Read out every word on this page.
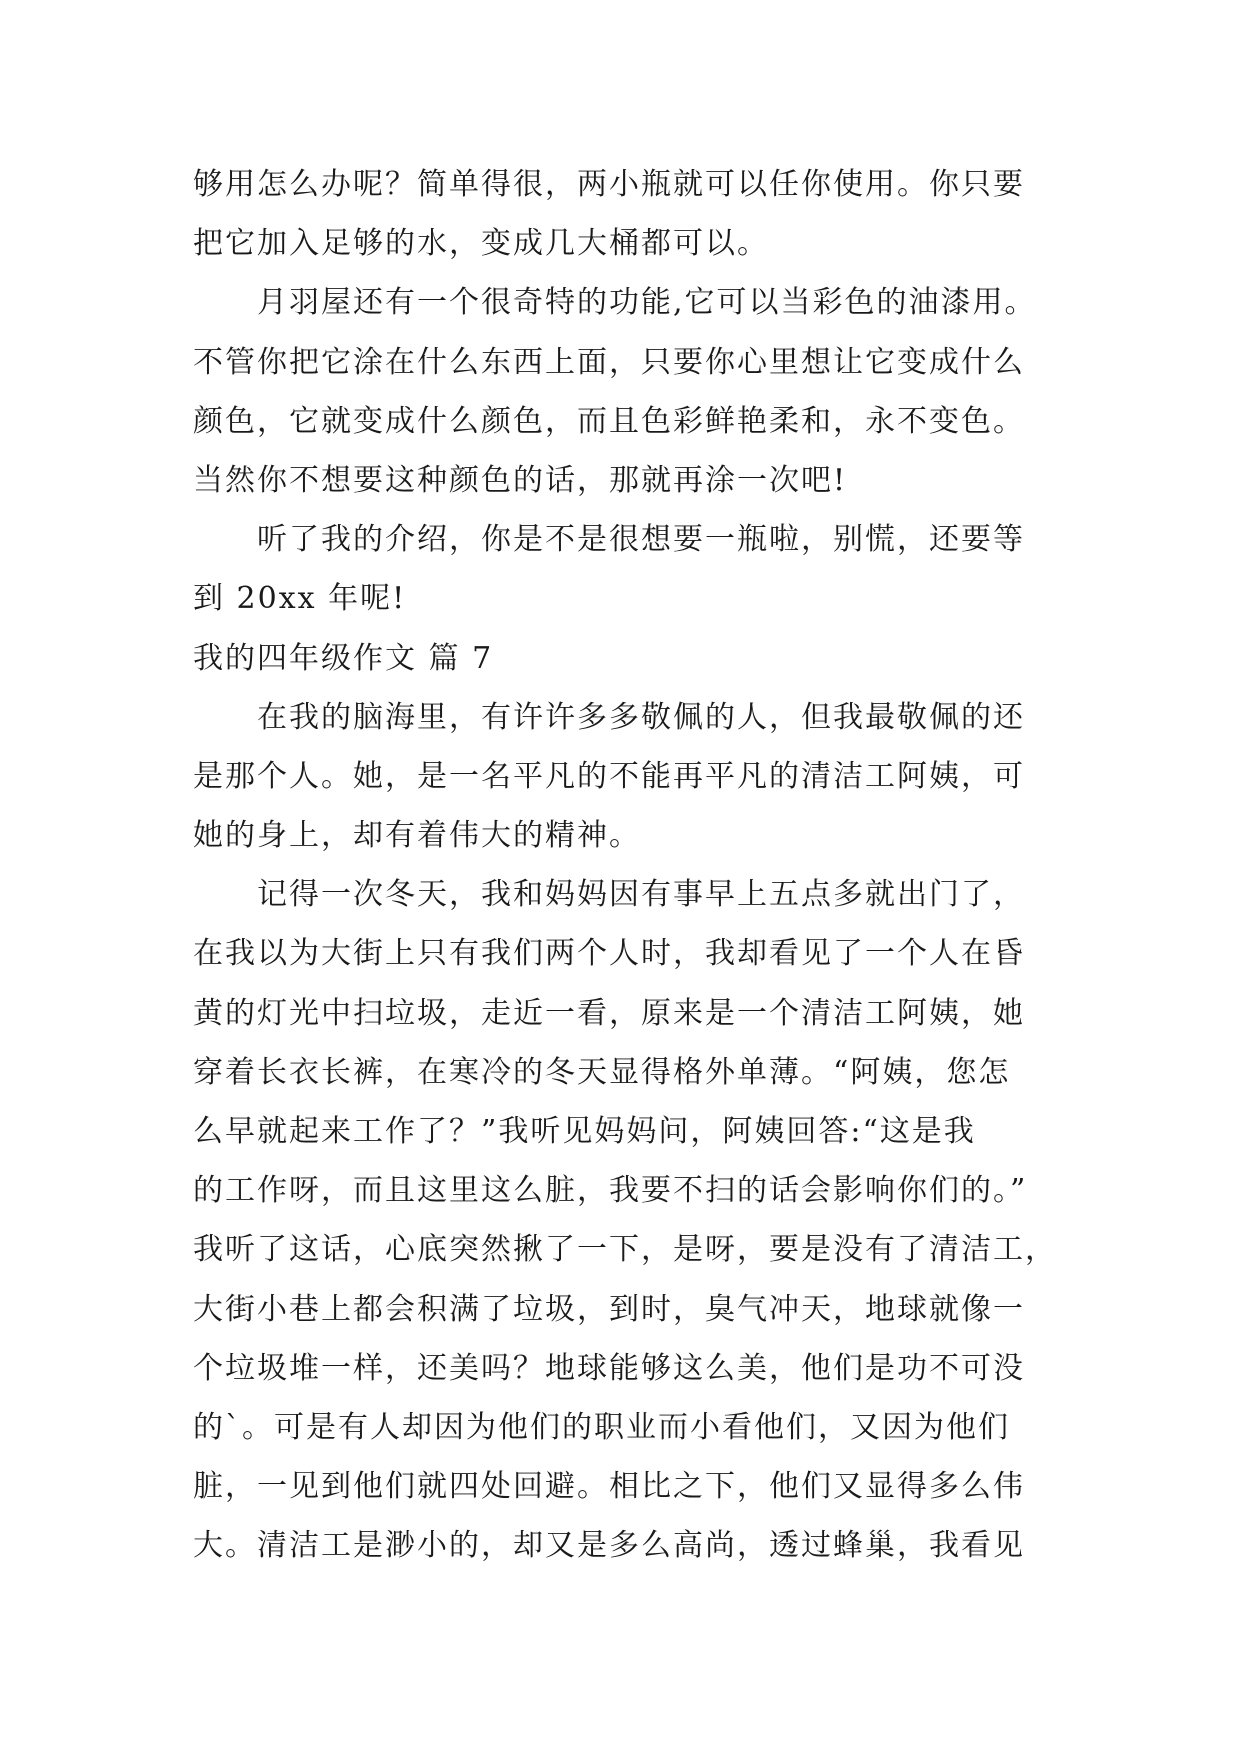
够用怎么办呢？简单得很，两小瓶就可以任你使用。你只要
把它加入足够的水，变成几大桶都可以。
月羽屋还有一个很奇特的功能,它可以当彩色的油漆用。
不管你把它涂在什么东西上面，只要你心里想让它变成什么
颜色，它就变成什么颜色，而且色彩鲜艳柔和，永不变色。
当然你不想要这种颜色的话，那就再涂一次吧!
听了我的介绍，你是不是很想要一瓶啦，别慌，还要等
到 20xx 年呢!
我的四年级作文 篇 7
在我的脑海里，有许许多多敬佩的人，但我最敬佩的还
是那个人。她，是一名平凡的不能再平凡的清洁工阿姨，可
她的身上，却有着伟大的精神。
记得一次冬天，我和妈妈因有事早上五点多就出门了，
在我以为大街上只有我们两个人时，我却看见了一个人在昏
黄的灯光中扫垃圾，走近一看，原来是一个清洁工阿姨，她
穿着长衣长裤，在寒冷的冬天显得格外单薄。“阿姨，您怎
么早就起来工作了？”我听见妈妈问，阿姨回答:“这是我
的工作呀，而且这里这么脏，我要不扫的话会影响你们的。”
我听了这话，心底突然揪了一下，是呀，要是没有了清洁工，
大街小巷上都会积满了垃圾，到时，臭气冲天，地球就像一
个垃圾堆一样，还美吗？地球能够这么美，他们是功不可没
的`。可是有人却因为他们的职业而小看他们，又因为他们
脏，一见到他们就四处回避。相比之下，他们又显得多么伟
大。清洁工是渺小的，却又是多么高尚，透过蜂巢，我看见
